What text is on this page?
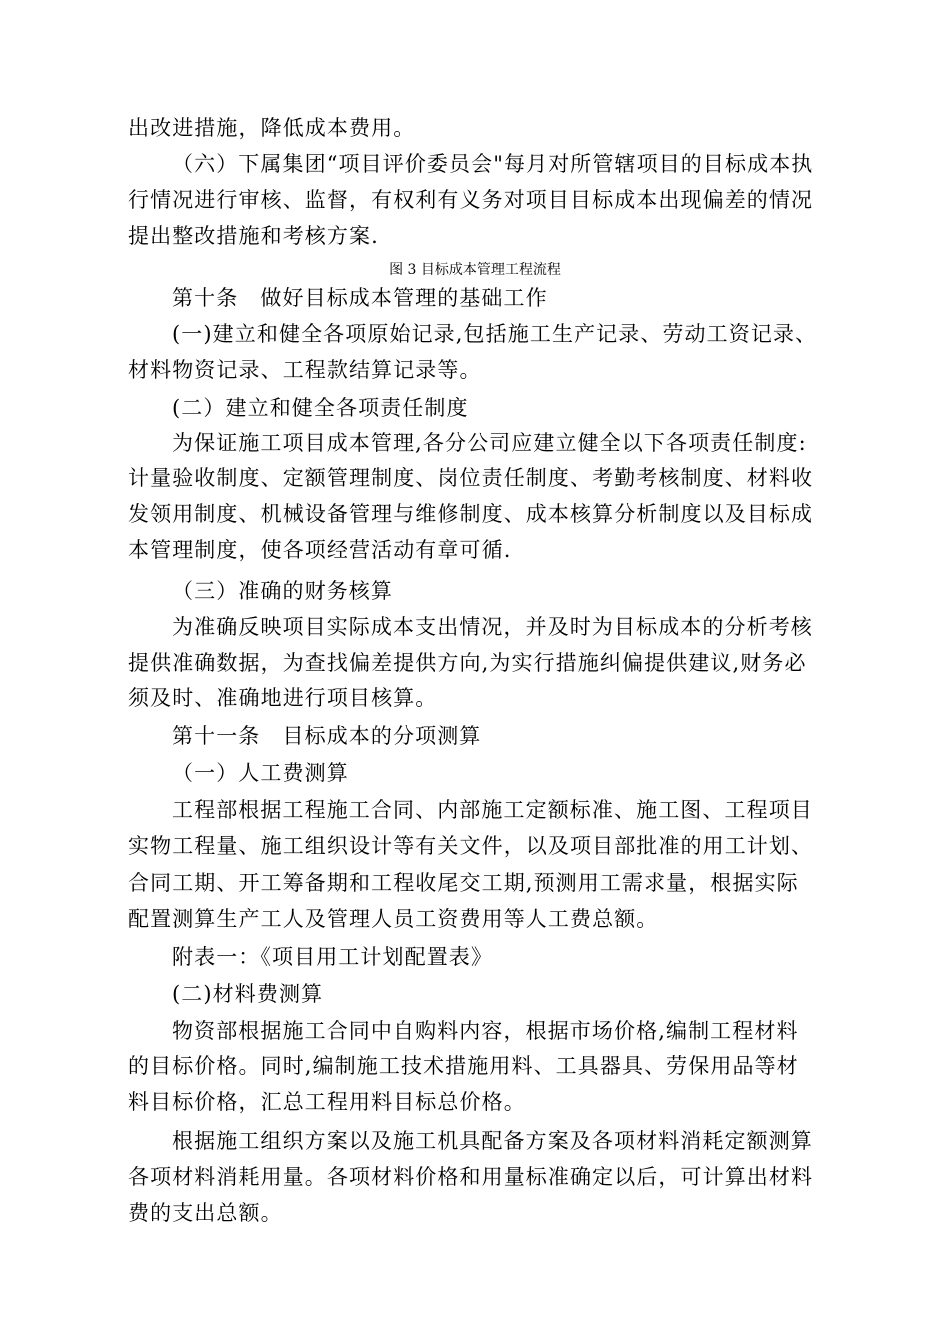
出改进措施，降低成本费用。
（六）下属集团“项目评价委员会"每月对所管辖项目的目标成本执
行情况进行审核、监督，有权利有义务对项目目标成本出现偏差的情况
提出整改措施和考核方案.
图 3 目标成本管理工程流程
第十条　做好目标成本管理的基础工作
(一)建立和健全各项原始记录,包括施工生产记录、劳动工资记录、
材料物资记录、工程款结算记录等。
(二）建立和健全各项责任制度
为保证施工项目成本管理,各分公司应建立健全以下各项责任制度:
计量验收制度、定额管理制度、岗位责任制度、考勤考核制度、材料收
发领用制度、机械设备管理与维修制度、成本核算分析制度以及目标成
本管理制度，使各项经营活动有章可循.
（三）准确的财务核算
为准确反映项目实际成本支出情况，并及时为目标成本的分析考核
提供准确数据，为查找偏差提供方向,为实行措施纠偏提供建议,财务必
须及时、准确地进行项目核算。
第十一条　目标成本的分项测算
（一）人工费测算
工程部根据工程施工合同、内部施工定额标准、施工图、工程项目
实物工程量、施工组织设计等有关文件，以及项目部批准的用工计划、
合同工期、开工筹备期和工程收尾交工期,预测用工需求量，根据实际
配置测算生产工人及管理人员工资费用等人工费总额。
附表一：《项目用工计划配置表》
(二)材料费测算
物资部根据施工合同中自购料内容，根据市场价格,编制工程材料
的目标价格。同时,编制施工技术措施用料、工具器具、劳保用品等材
料目标价格，汇总工程用料目标总价格。
根据施工组织方案以及施工机具配备方案及各项材料消耗定额测算
各项材料消耗用量。各项材料价格和用量标准确定以后，可计算出材料
费的支出总额。
